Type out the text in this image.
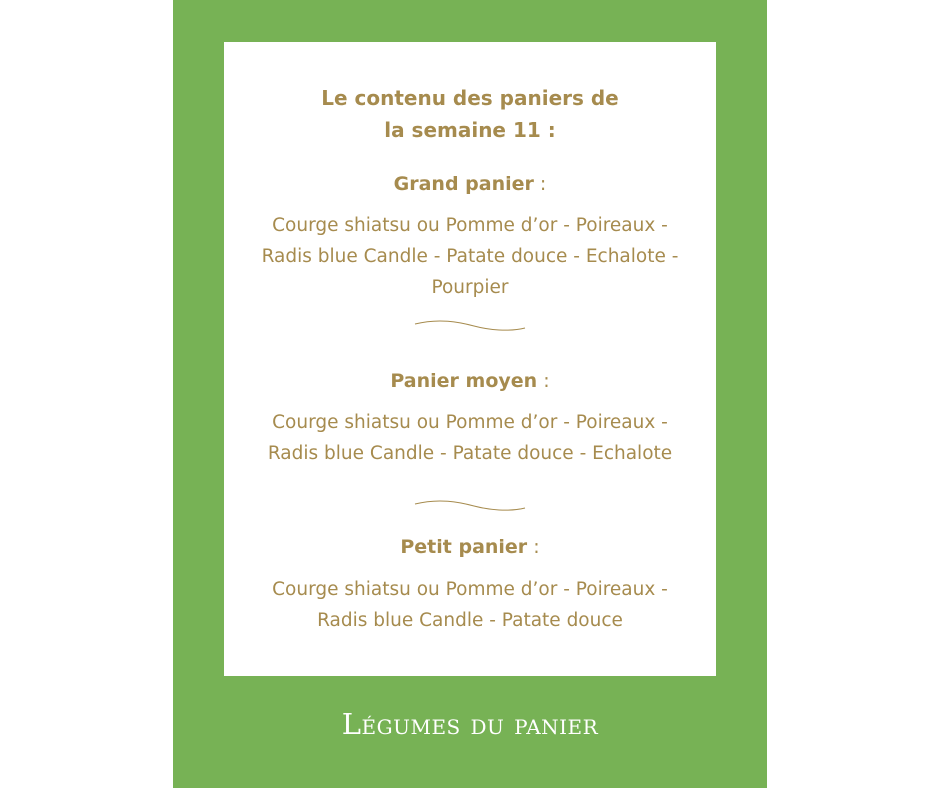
Le contenu des paniers de
la semaine 11 :
Grand panier :
Courge shiatsu ou Pomme d’or - Poireaux -
Radis blue Candle - Patate douce - Echalote -
Pourpier
Panier moyen :
Courge shiatsu ou Pomme d’or - Poireaux -
Radis blue Candle - Patate douce - Echalote
Petit panier :
Courge shiatsu ou Pomme d’or - Poireaux -
Radis blue Candle - Patate douce
Légumes du panier
